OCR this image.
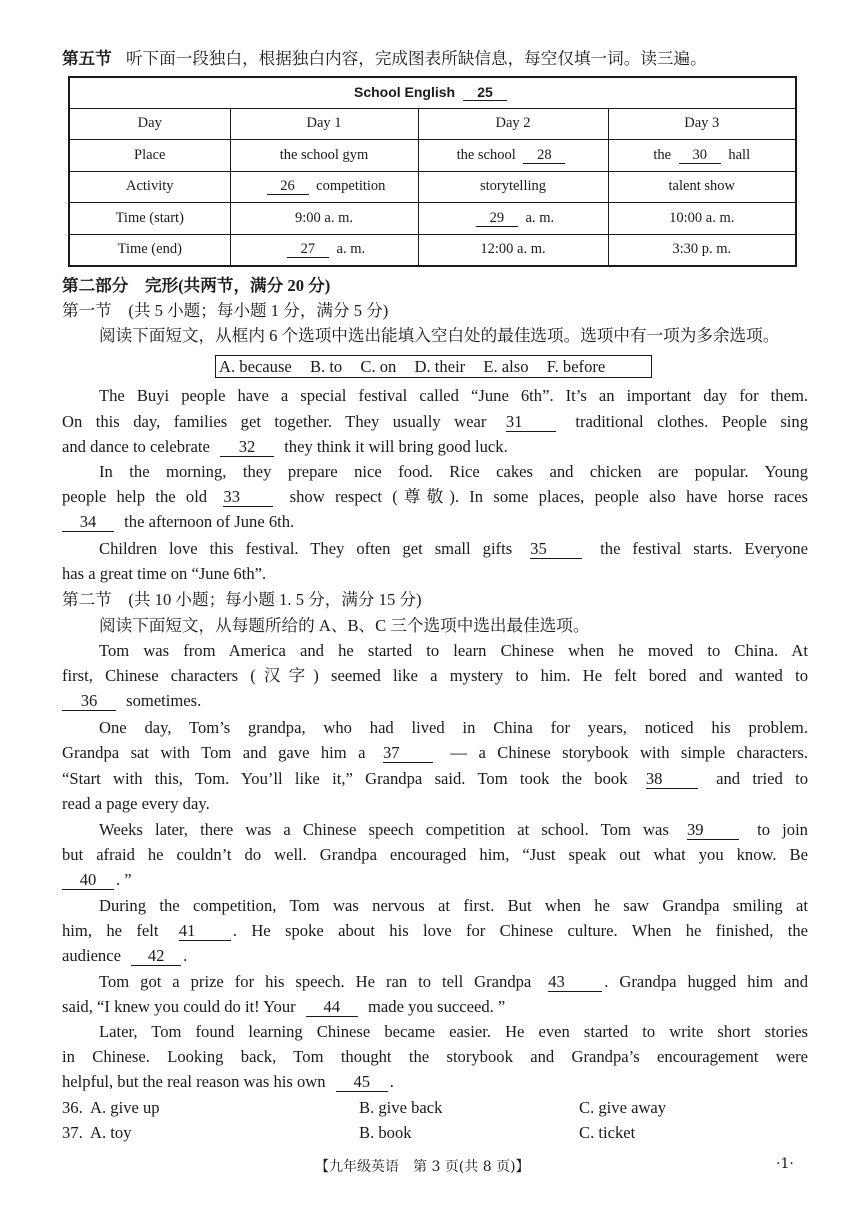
第五节 听下面一段独白，根据独白内容，完成图表所缺信息，每空仅填一词。读三遍。
School English 25			
Day	Day 1	Day 2	Day 3
Place	the school gym	the school 28	the 30 hall
Activity	26 competition	storytelling	talent show
Time (start)	9:00 a. m.	29 a. m.	10:00 a. m.
Time (end)	27 a. m.	12:00 a. m.	3:30 p. m.
第二部分　完形(共两节，满分 20 分)
第一节　(共 5 小题；每小题 1 分，满分 5 分)
阅读下面短文，从框内 6 个选项中选出能填入空白处的最佳选项。选项中有一项为多余选项。
A. because B. to C. on D. their E. also F. before
The Buyi people have a special festival called “June 6th”. It’s an important day for them.
On this day, families get together. They usually wear 31	traditional clothes. People sing
and dance to celebrate 32 they think it will bring good luck.
In the morning, they prepare nice food. Rice cakes and chicken are popular. Young
people help the old 33	show respect (尊敬). In some places, people also have horse races
34 the afternoon of June 6th.
Children love this festival. They often get small gifts 35	the festival starts. Everyone
has a great time on “June 6th”.
第二节　(共 10 小题；每小题 1. 5 分，满分 15 分)
阅读下面短文，从每题所给的 A、B、C 三个选项中选出最佳选项。
Tom was from America and he started to learn Chinese when he moved to China. At
first, Chinese characters (汉字) seemed like a mystery to him. He felt bored and wanted to
36 sometimes.
One day, Tom’s grandpa, who had lived in China for years, noticed his problem.
Grandpa sat with Tom and gave him a 37	— a Chinese storybook with simple characters.
“Start with this, Tom. You’ll like it,” Grandpa said. Tom took the book 38	and tried to
read a page every day.
Weeks later, there was a Chinese speech competition at school. Tom was 39	to join
but afraid he couldn’t do well. Grandpa encouraged him, “Just speak out what you know. Be
40 . ”
During the competition, Tom was nervous at first. But when he saw Grandpa smiling at
him, he felt 41 . He spoke about his love for Chinese culture. When he finished, the
audience 42 .
Tom got a prize for his speech. He ran to tell Grandpa 43 . Grandpa hugged him and
said, “I knew you could do it! Your 44 made you succeed. ”
Later, Tom found learning Chinese became easier. He even started to write short stories
in Chinese. Looking back, Tom thought the storybook and Grandpa’s encouragement were
helpful, but the real reason was his own 45 .
36. A. give up	B. give back	C. give away
37. A. toy	B. book	C. ticket
【九年级英语　第 3 页(共 8 页)】	·1·
